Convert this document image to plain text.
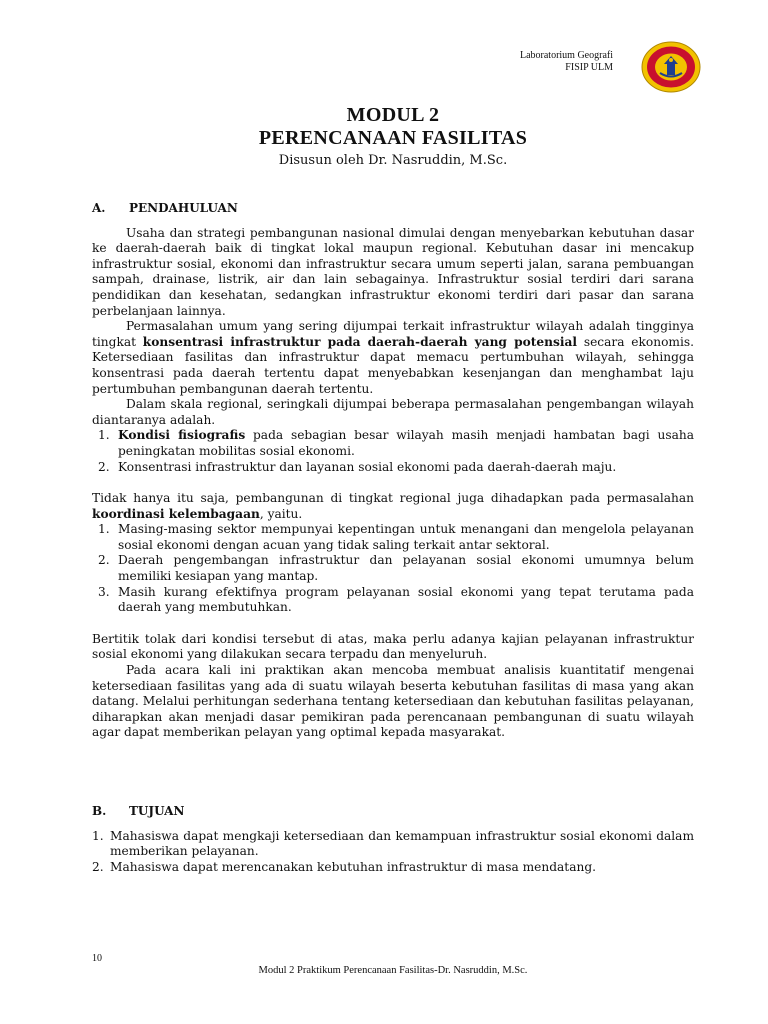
Laboratorium Geografi
FISIP ULM
MODUL 2
PERENCANAAN FASILITAS
Disusun oleh Dr. Nasruddin, M.Sc.
A.	PENDAHULUAN

Usaha dan strategi pembangunan nasional dimulai dengan menyebarkan kebutuhan dasar ke daerah-daerah baik di tingkat lokal maupun regional. Kebutuhan dasar ini mencakup infrastruktur sosial, ekonomi dan infrastruktur secara umum seperti jalan, sarana pembuangan sampah, drainase, listrik, air dan lain sebagainya. Infrastruktur sosial terdiri dari sarana pendidikan dan kesehatan, sedangkan infrastruktur ekonomi terdiri dari pasar dan sarana perbelanjaan lainnya.

Permasalahan umum yang sering dijumpai terkait infrastruktur wilayah adalah tingginya tingkat konsentrasi infrastruktur pada daerah-daerah yang potensial secara ekonomis. Ketersediaan fasilitas dan infrastruktur dapat memacu pertumbuhan wilayah, sehingga konsentrasi pada daerah tertentu dapat menyebabkan kesenjangan dan menghambat laju pertumbuhan pembangunan daerah tertentu.

Dalam skala regional, seringkali dijumpai beberapa permasalahan pengembangan wilayah diantaranya adalah.

1. Kondisi fisiografis pada sebagian besar wilayah masih menjadi hambatan bagi usaha peningkatan mobilitas sosial ekonomi.
2. Konsentrasi infrastruktur dan layanan sosial ekonomi pada daerah-daerah maju.

Tidak hanya itu saja, pembangunan di tingkat regional juga dihadapkan pada permasalahan koordinasi kelembagaan, yaitu.

1. Masing-masing sektor mempunyai kepentingan untuk menangani dan mengelola pelayanan sosial ekonomi dengan acuan yang tidak saling terkait antar sektoral.
2. Daerah pengembangan infrastruktur dan pelayanan sosial ekonomi umumnya belum memiliki kesiapan yang mantap.
3. Masih kurang efektifnya program pelayanan sosial ekonomi yang tepat terutama pada daerah yang membutuhkan.

Bertitik tolak dari kondisi tersebut di atas, maka perlu adanya kajian pelayanan infrastruktur sosial ekonomi yang dilakukan secara terpadu dan menyeluruh.

Pada acara kali ini praktikan akan mencoba membuat analisis kuantitatif mengenai ketersediaan fasilitas yang ada di suatu wilayah beserta kebutuhan fasilitas di masa yang akan datang. Melalui perhitungan sederhana tentang ketersediaan dan kebutuhan fasilitas pelayanan, diharapkan akan menjadi dasar pemikiran pada perencanaan pembangunan di suatu wilayah agar dapat memberikan pelayan yang optimal kepada masyarakat.

B.	TUJUAN
1. Mahasiswa dapat mengkaji ketersediaan dan kemampuan infrastruktur sosial ekonomi dalam memberikan pelayanan.
2. Mahasiswa dapat merencanakan kebutuhan infrastruktur di masa mendatang.
10
Modul 2 Praktikum Perencanaan Fasilitas-Dr. Nasruddin, M.Sc.
